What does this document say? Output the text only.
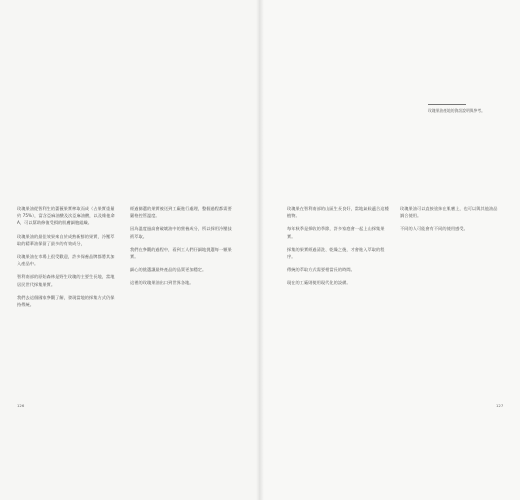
玫瑰果油從智利生的薔薇果實榨取而成（占果實重量約 75%），富含亞麻油酸及次亞麻油酸，以及維他命 A，可以幫助修復受損的肌膚細胞組織。

玫瑰果油的最佳效果來自於成熟新鮮的果實，冷壓萃取的精華油保留了最多的有效成分，

玫瑰果油在市場上很受歡迎，許多保養品牌都將其加入產品中。

智利南部的原始森林是野生玫瑰的主要生長地，當地居民世代採集果實。

我們去這個國家參觀了解，發現當地的採集方式仍保持傳統。

經過篩選的果實被送到工廠進行處理，整個過程都需要嚴格控管溫度。

因為溫度過高會破壞油中的營養成分，所以採用冷壓技術萃取。

我們在參觀的過程中，看到工人們仔細地挑選每一顆果實。

細心的挑選讓最終產品的品質更加穩定。

這裡的玫瑰果油出口到世界各地。

玫瑰果油產地的資訊說明與參考。

玫瑰果在智利南部的山區生長良好，當地氣候適合這種植物。

每年秋季是採收的季節，許多家庭會一起上山採集果實。

採集的果實經過清洗、乾燥之後，才會進入萃取的程序。

傳統的萃取方式需要相當長的時間。

現在的工廠則使用現代化的設備。

玫瑰果油可以直接塗抹在肌膚上，也可以與其他油品調合使用。

不同的人可能會有不同的使用感受。

126	127
